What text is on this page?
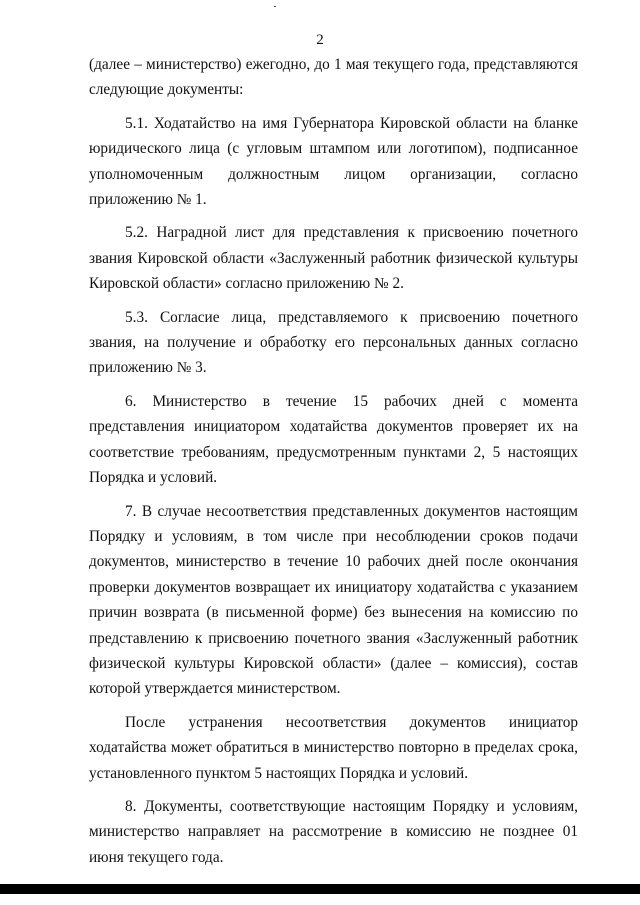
2

(далее – министерство) ежегодно, до 1 мая текущего года, представляются следующие документы:

5.1. Ходатайство на имя Губернатора Кировской области на бланке юридического лица (с угловым штампом или логотипом), подписанное уполномоченным должностным лицом организации, согласно приложению № 1.

5.2. Наградной лист для представления к присвоению почетного звания Кировской области «Заслуженный работник физической культуры Кировской области» согласно приложению № 2.

5.3. Согласие лица, представляемого к присвоению почетного звания, на получение и обработку его персональных данных согласно приложению № 3.

6. Министерство в течение 15 рабочих дней с момента представления инициатором ходатайства документов проверяет их на соответствие требованиям, предусмотренным пунктами 2, 5 настоящих Порядка и условий.

7. В случае несоответствия представленных документов настоящим Порядку и условиям, в том числе при несоблюдении сроков подачи документов, министерство в течение 10 рабочих дней после окончания проверки документов возвращает их инициатору ходатайства с указанием причин возврата (в письменной форме) без вынесения на комиссию по представлению к присвоению почетного звания «Заслуженный работник физической культуры Кировской области» (далее – комиссия), состав которой утверждается министерством.

После устранения несоответствия документов инициатор ходатайства может обратиться в министерство повторно в пределах срока, установленного пунктом 5 настоящих Порядка и условий.

8. Документы, соответствующие настоящим Порядку и условиям, министерство направляет на рассмотрение в комиссию не позднее 01 июня текущего года.
